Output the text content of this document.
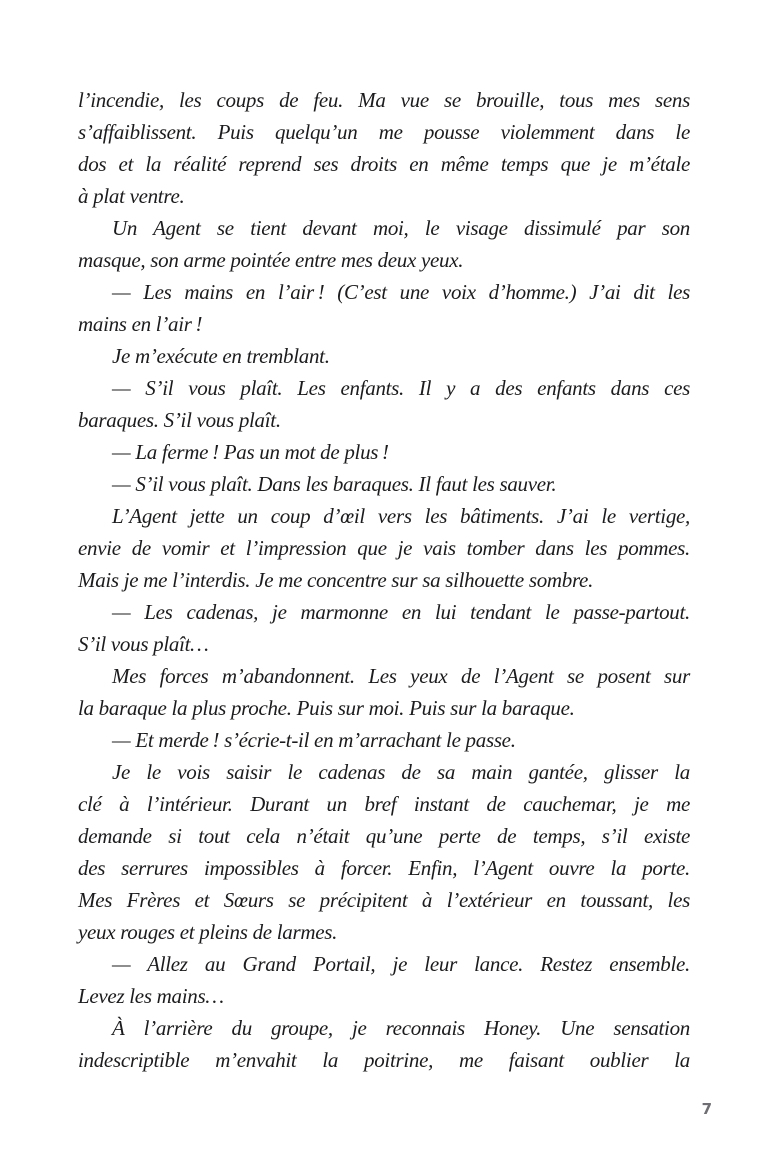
l’incendie, les coups de feu. Ma vue se brouille, tous mes sens
s’affaiblissent. Puis quelqu’un me pousse violemment dans le
dos et la réalité reprend ses droits en même temps que je m’étale
à plat ventre.
Un Agent se tient devant moi, le visage dissimulé par son
masque, son arme pointée entre mes deux yeux.
— Les mains en l’air ! (C’est une voix d’homme.) J’ai dit les
mains en l’air !
Je m’exécute en tremblant.
— S’il vous plaît. Les enfants. Il y a des enfants dans ces
baraques. S’il vous plaît.
— La ferme ! Pas un mot de plus !
— S’il vous plaît. Dans les baraques. Il faut les sauver.
L’Agent jette un coup d’œil vers les bâtiments. J’ai le vertige,
envie de vomir et l’impression que je vais tomber dans les pommes.
Mais je me l’interdis. Je me concentre sur sa silhouette sombre.
— Les cadenas, je marmonne en lui tendant le passe-partout.
S’il vous plaît…
Mes forces m’abandonnent. Les yeux de l’Agent se posent sur
la baraque la plus proche. Puis sur moi. Puis sur la baraque.
— Et merde ! s’écrie-t-il en m’arrachant le passe.
Je le vois saisir le cadenas de sa main gantée, glisser la
clé à l’intérieur. Durant un bref instant de cauchemar, je me
demande si tout cela n’était qu’une perte de temps, s’il existe
des serrures impossibles à forcer. Enfin, l’Agent ouvre la porte.
Mes Frères et Sœurs se précipitent à l’extérieur en toussant, les
yeux rouges et pleins de larmes.
— Allez au Grand Portail, je leur lance. Restez ensemble.
Levez les mains…
À l’arrière du groupe, je reconnais Honey. Une sensation
indescriptible m’envahit la poitrine, me faisant oublier la
7
